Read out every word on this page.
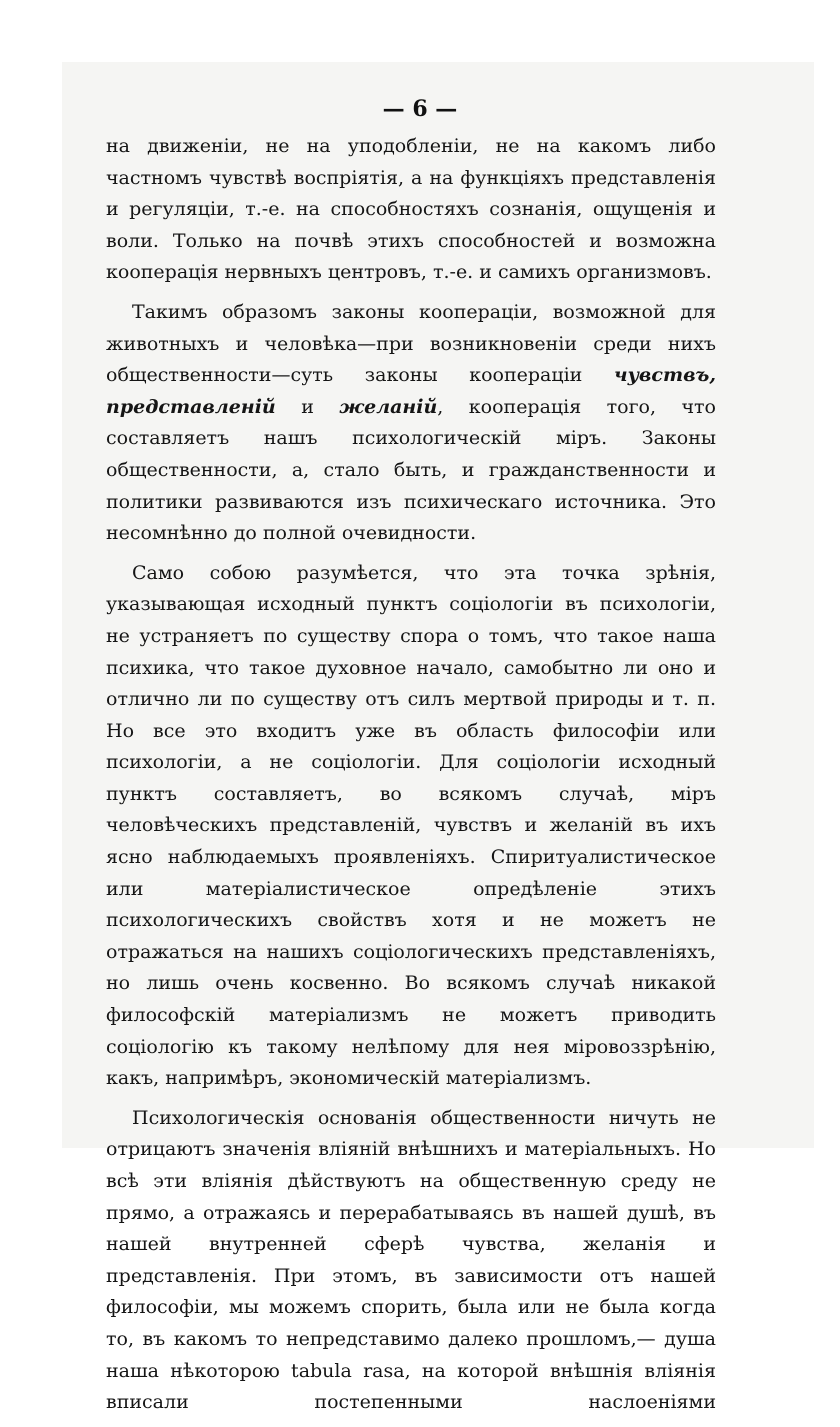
— 6 —

на движеніи, не на уподобленіи, не на какомъ либо частномъ чувствѣ воспріятія, а на функціяхъ представленія и регуляціи, т.-е. на способностяхъ сознанія, ощущенія и воли. Только на почвѣ этихъ способностей и возможна кооперація нервныхъ центровъ, т.-е. и самихъ организмовъ.

Такимъ образомъ законы коопераціи, возможной для животныхъ и человѣка—при возникновеніи среди нихъ общественности—суть законы коопераціи чувствъ, представленій и желаній, кооперація того, что составляетъ нашъ психологическій міръ. Законы общественности, а, стало быть, и гражданственности и политики развиваются изъ психическаго источника. Это несомнѣнно до полной очевидности.

Само собою разумѣется, что эта точка зрѣнія, указывающая исходный пунктъ соціологіи въ психологіи, не устраняетъ по существу спора о томъ, что такое наша психика, что такое духовное начало, самобытно ли оно и отлично ли по существу отъ силъ мертвой природы и т. п. Но все это входитъ уже въ область философіи или психологіи, а не соціологіи. Для соціологіи исходный пунктъ составляетъ, во всякомъ случаѣ, міръ человѣческихъ представленій, чувствъ и желаній въ ихъ ясно наблюдаемыхъ проявленіяхъ. Спиритуалистическое или матеріалистическое опредѣленіе этихъ психологическихъ свойствъ хотя и не можетъ не отражаться на нашихъ соціологическихъ представленіяхъ, но лишь очень косвенно. Во всякомъ случаѣ никакой философскій матеріализмъ не можетъ приводить соціологію къ такому нелѣпому для нея міровоззрѣнію, какъ, напримѣръ, экономическій матеріализмъ.

Психологическія основанія общественности ничуть не отрицаютъ значенія вліяній внѣшнихъ и матеріальныхъ. Но всѣ эти вліянія дѣйствуютъ на общественную среду не прямо, а отражаясь и перерабатываясь въ нашей душѣ, въ нашей внутренней сферѣ чувства, желанія и представленія. При этомъ, въ зависимости отъ нашей философіи, мы можемъ спорить, была или не была когда то, въ какомъ то непредставимо далеко прошломъ,— душа наша нѣкоторою tabula rasa, на которой внѣшнія вліянія вписали постепенными наслоеніями
